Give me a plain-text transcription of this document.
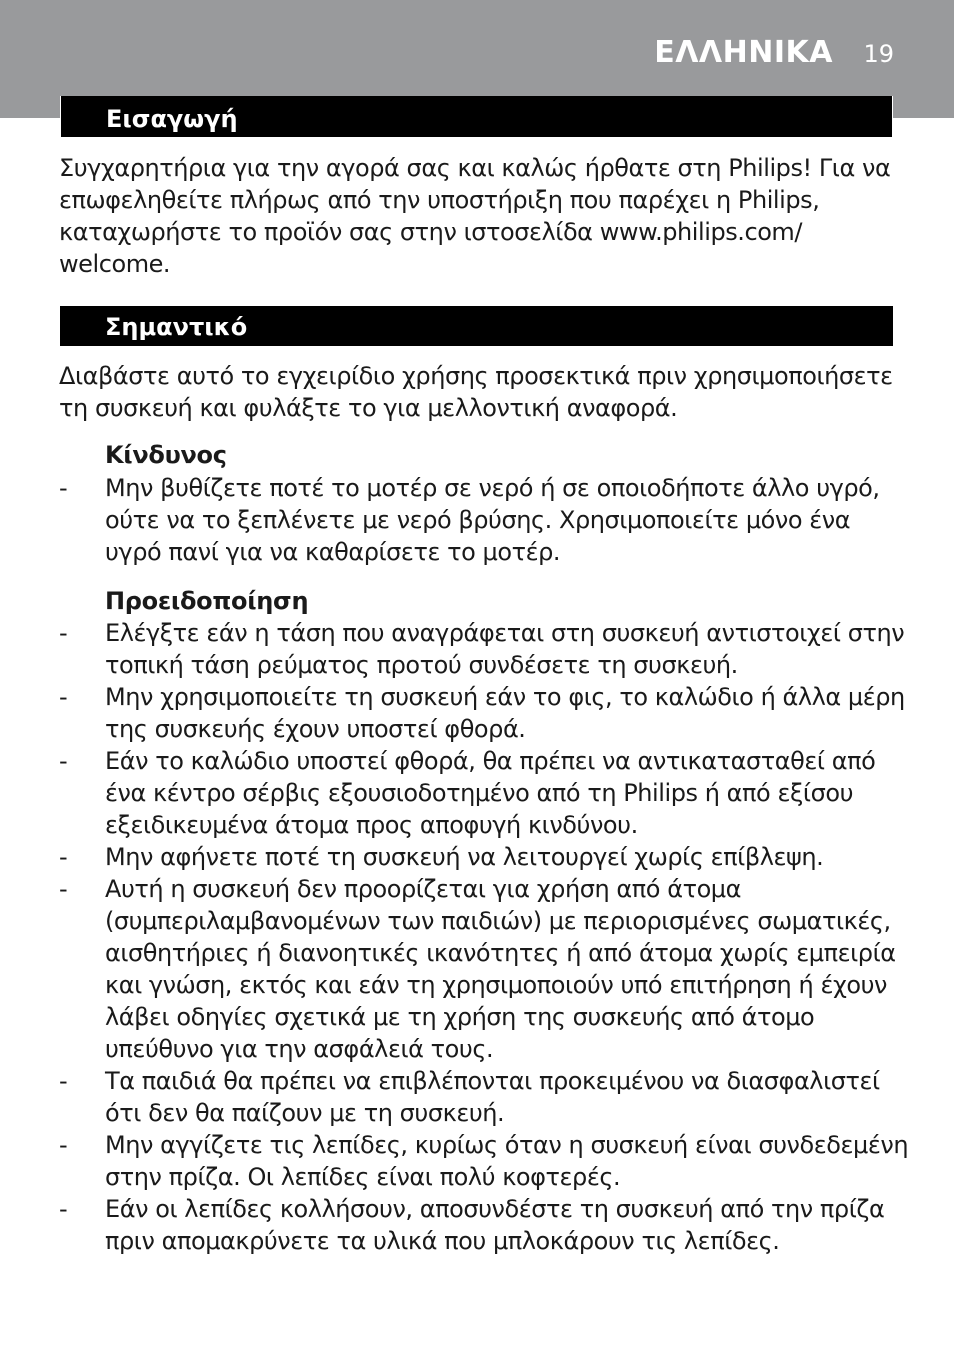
ΕΛΛΗΝΙΚΑ 19
Εισαγωγή

Συγχαρητήρια για την αγορά σας και καλώς ήρθατε στη Philips! Για να επωφεληθείτε πλήρως από την υποστήριξη που παρέχει η Philips, καταχωρήστε το προϊόν σας στην ιστοσελίδα www.philips.com/ welcome.

Σημαντικό

Διαβάστε αυτό το εγχειρίδιο χρήσης προσεκτικά πριν χρησιμοποιήσετε τη συσκευή και φυλάξτε το για μελλοντική αναφορά.

Κίνδυνος
- Μην βυθίζετε ποτέ το μοτέρ σε νερό ή σε οποιοδήποτε άλλο υγρό, ούτε να το ξεπλένετε με νερό βρύσης. Χρησιμοποιείτε μόνο ένα υγρό πανί για να καθαρίσετε το μοτέρ.
Προειδοποίηση
- Ελέγξτε εάν η τάση που αναγράφεται στη συσκευή αντιστοιχεί στην τοπική τάση ρεύματος προτού συνδέσετε τη συσκευή.
- Μην χρησιμοποιείτε τη συσκευή εάν το φις, το καλώδιο ή άλλα μέρη της συσκευής έχουν υποστεί φθορά.
- Εάν το καλώδιο υποστεί φθορά, θα πρέπει να αντικατασταθεί από ένα κέντρο σέρβις εξουσιοδοτημένο από τη Philips ή από εξίσου εξειδικευμένα άτομα προς αποφυγή κινδύνου.
- Μην αφήνετε ποτέ τη συσκευή να λειτουργεί χωρίς επίβλεψη.
- Αυτή η συσκευή δεν προορίζεται για χρήση από άτομα (συμπεριλαμβανομένων των παιδιών) με περιορισμένες σωματικές, αισθητήριες ή διανοητικές ικανότητες ή από άτομα χωρίς εμπειρία και γνώση, εκτός και εάν τη χρησιμοποιούν υπό επιτήρηση ή έχουν λάβει οδηγίες σχετικά με τη χρήση της συσκευής από άτομο υπεύθυνο για την ασφάλειά τους.
- Τα παιδιά θα πρέπει να επιβλέπονται προκειμένου να διασφαλιστεί ότι δεν θα παίζουν με τη συσκευή.
- Μην αγγίζετε τις λεπίδες, κυρίως όταν η συσκευή είναι συνδεδεμένη στην πρίζα. Οι λεπίδες είναι πολύ κοφτερές.
- Εάν οι λεπίδες κολλήσουν, αποσυνδέστε τη συσκευή από την πρίζα πριν απομακρύνετε τα υλικά που μπλοκάρουν τις λεπίδες.
